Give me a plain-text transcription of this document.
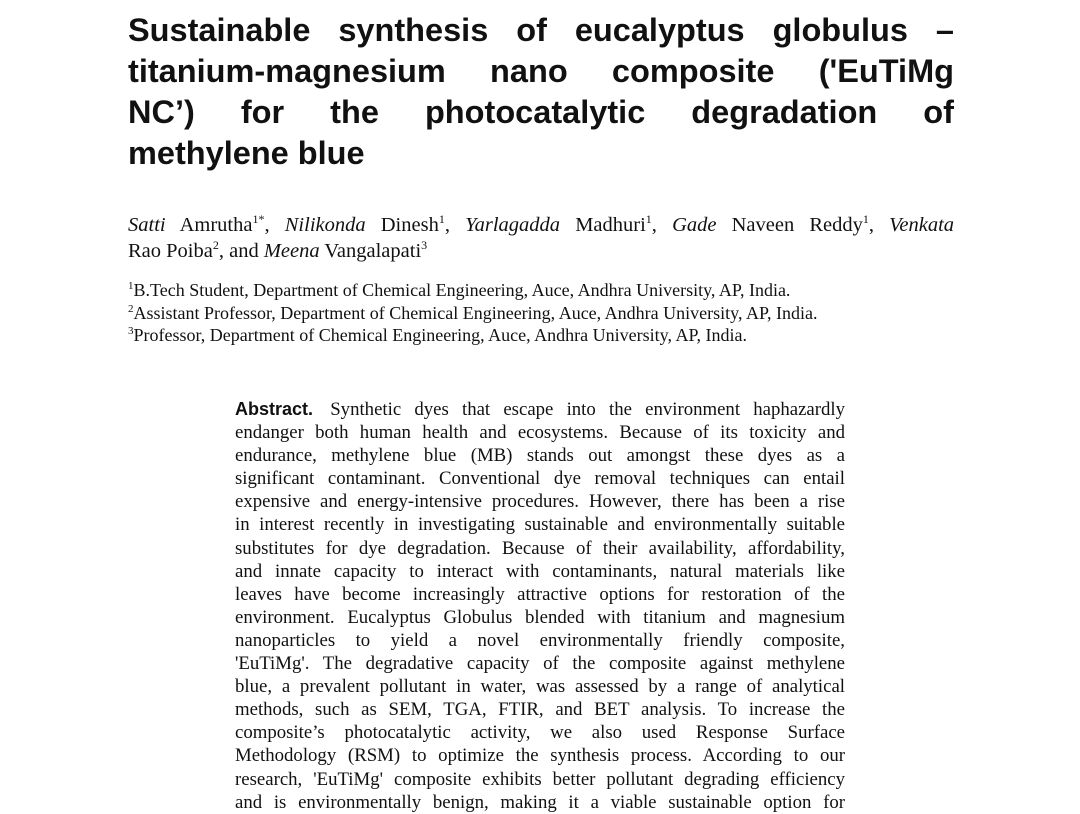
Sustainable synthesis of eucalyptus globulus –
titanium-magnesium nano composite ('EuTiMg
NC’) for the photocatalytic degradation of
methylene blue
Satti Amrutha$^{1*}$, Nilikonda Dinesh$^1$, Yarlagadda Madhuri$^1$, Gade Naveen Reddy$^1$, Venkata
Rao Poiba$^2$, and Meena Vangalapati$^3$
$^1$B.Tech Student, Department of Chemical Engineering, Auce, Andhra University, AP, India.
$^2$Assistant Professor, Department of Chemical Engineering, Auce, Andhra University, AP, India.
$^3$Professor, Department of Chemical Engineering, Auce, Andhra University, AP, India.
Abstract. Synthetic dyes that escape into the environment haphazardly
endanger both human health and ecosystems. Because of its toxicity and
endurance, methylene blue (MB) stands out amongst these dyes as a
significant contaminant. Conventional dye removal techniques can entail
expensive and energy-intensive procedures. However, there has been a rise
in interest recently in investigating sustainable and environmentally suitable
substitutes for dye degradation. Because of their availability, affordability,
and innate capacity to interact with contaminants, natural materials like
leaves have become increasingly attractive options for restoration of the
environment. Eucalyptus Globulus blended with titanium and magnesium
nanoparticles to yield a novel environmentally friendly composite,
'EuTiMg'. The degradative capacity of the composite against methylene
blue, a prevalent pollutant in water, was assessed by a range of analytical
methods, such as SEM, TGA, FTIR, and BET analysis. To increase the
composite’s photocatalytic activity, we also used Response Surface
Methodology (RSM) to optimize the synthesis process. According to our
research, 'EuTiMg' composite exhibits better pollutant degrading efficiency
and is environmentally benign, making it a viable sustainable option for
